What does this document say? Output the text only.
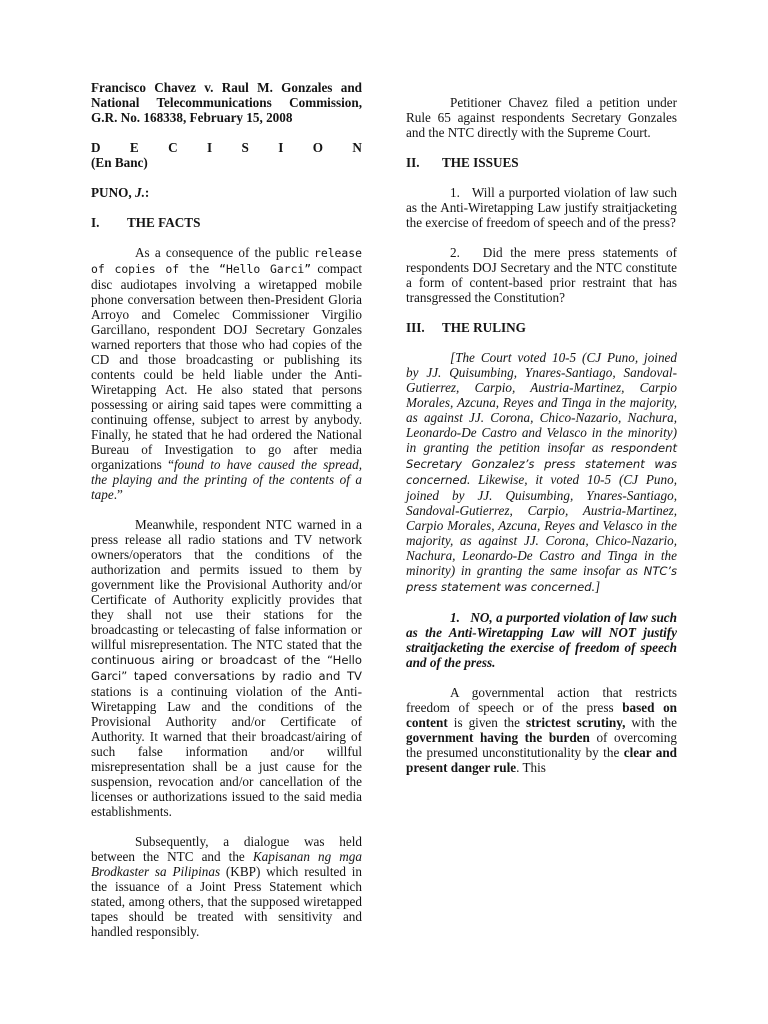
Francisco Chavez v. Raul M. Gonzales and National Telecommunications Commission, G.R. No. 168338, February 15, 2008

D E C I S I O N

(En Banc)

PUNO, J.:

I.	THE FACTS

As a consequence of the public release of copies of the “Hello Garci” compact disc audiotapes involving a wiretapped mobile phone conversation between then-President Gloria Arroyo and Comelec Commissioner Virgilio Garcillano, respondent DOJ Secretary Gonzales warned reporters that those who had copies of the CD and those broadcasting or publishing its contents could be held liable under the Anti-Wiretapping Act. He also stated that persons possessing or airing said tapes were committing a continuing offense, subject to arrest by anybody. Finally, he stated that he had ordered the National Bureau of Investigation to go after media organizations “found to have caused the spread, the playing and the printing of the contents of a tape.”

Meanwhile, respondent NTC warned in a press release all radio stations and TV network owners/operators that the conditions of the authorization and permits issued to them by government like the Provisional Authority and/or Certificate of Authority explicitly provides that they shall not use their stations for the broadcasting or telecasting of false information or willful misrepresentation. The NTC stated that the continuous airing or broadcast of the “Hello Garci” taped conversations by radio and TV stations is a continuing violation of the Anti-Wiretapping Law and the conditions of the Provisional Authority and/or Certificate of Authority. It warned that their broadcast/airing of such false information and/or willful misrepresentation shall be a just cause for the suspension, revocation and/or cancellation of the licenses or authorizations issued to the said media establishments.

Subsequently, a dialogue was held between the NTC and the Kapisanan ng mga Brodkaster sa Pilipinas (KBP) which resulted in the issuance of a Joint Press Statement which stated, among others, that the supposed wiretapped tapes should be treated with sensitivity and handled responsibly.

Petitioner Chavez filed a petition under Rule 65 against respondents Secretary Gonzales and the NTC directly with the Supreme Court.

II.	THE ISSUES

1.   Will a purported violation of law such as the Anti-Wiretapping Law justify straitjacketing the exercise of freedom of speech and of the press?

2.   Did the mere press statements of respondents DOJ Secretary and the NTC constitute a form of content-based prior restraint that has transgressed the Constitution?

III.	THE RULING

[The Court voted 10-5 (CJ Puno, joined by JJ. Quisumbing, Ynares-Santiago, Sandoval-Gutierrez, Carpio, Austria-Martinez, Carpio Morales, Azcuna, Reyes and Tinga in the majority, as against JJ. Corona, Chico-Nazario, Nachura, Leonardo-De Castro and Velasco in the minority) in granting the petition insofar as respondent Secretary Gonzalez’s press statement was concerned. Likewise, it voted 10-5 (CJ Puno, joined by JJ. Quisumbing, Ynares-Santiago, Sandoval-Gutierrez, Carpio, Austria-Martinez, Carpio Morales, Azcuna, Reyes and Velasco in the majority, as against JJ. Corona, Chico-Nazario, Nachura, Leonardo-De Castro and Tinga in the minority) in granting the same insofar as NTC’s press statement was concerned.]

1.   NO, a purported violation of law such as the Anti-Wiretapping Law will NOT justify straitjacketing the exercise of freedom of speech and of the press.

A governmental action that restricts freedom of speech or of the press based on content is given the strictest scrutiny, with the government having the burden of overcoming the presumed unconstitutionality by the clear and present danger rule. This
